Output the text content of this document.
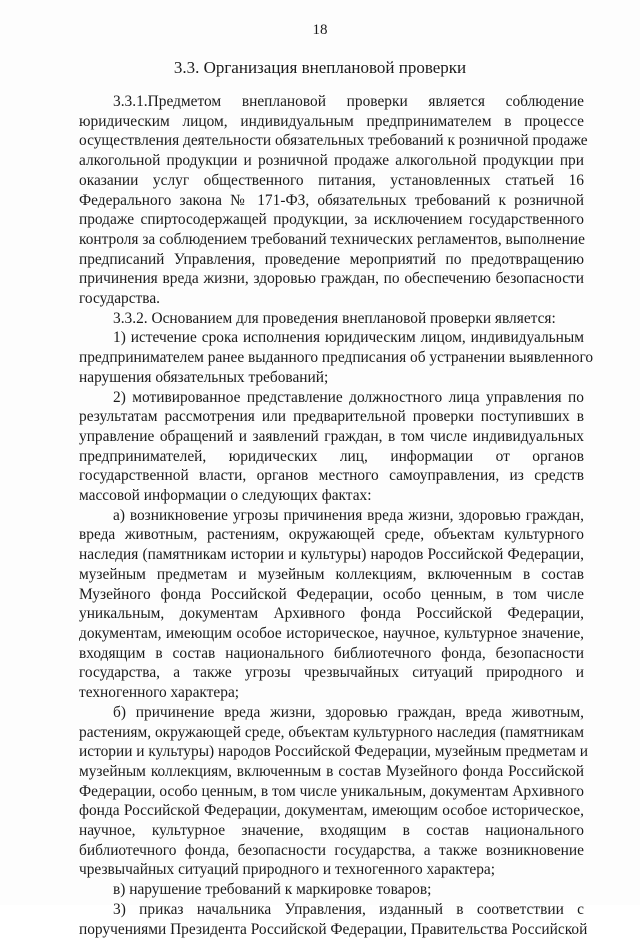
18
3.3. Организация внеплановой проверки
3.3.1.Предметом внеплановой проверки является соблюдение
юридическим лицом, индивидуальным предпринимателем в процессе
осуществления деятельности обязательных требований к розничной продаже
алкогольной продукции и розничной продаже алкогольной продукции при
оказании услуг общественного питания, установленных статьей 16
Федерального закона № 171-ФЗ, обязательных требований к розничной
продаже спиртосодержащей продукции, за исключением государственного
контроля за соблюдением требований технических регламентов, выполнение
предписаний Управления, проведение мероприятий по предотвращению
причинения вреда жизни, здоровью граждан, по обеспечению безопасности
государства.
3.3.2. Основанием для проведения внеплановой проверки является:
1) истечение срока исполнения юридическим лицом, индивидуальным
предпринимателем ранее выданного предписания об устранении выявленного
нарушения обязательных требований;
2) мотивированное представление должностного лица управления по
результатам рассмотрения или предварительной проверки поступивших в
управление обращений и заявлений граждан, в том числе индивидуальных
предпринимателей, юридических лиц, информации от органов
государственной власти, органов местного самоуправления, из средств
массовой информации о следующих фактах:
а) возникновение угрозы причинения вреда жизни, здоровью граждан,
вреда животным, растениям, окружающей среде, объектам культурного
наследия (памятникам истории и культуры) народов Российской Федерации,
музейным предметам и музейным коллекциям, включенным в состав
Музейного фонда Российской Федерации, особо ценным, в том числе
уникальным, документам Архивного фонда Российской Федерации,
документам, имеющим особое историческое, научное, культурное значение,
входящим в состав национального библиотечного фонда, безопасности
государства, а также угрозы чрезвычайных ситуаций природного и
техногенного характера;
б) причинение вреда жизни, здоровью граждан, вреда животным,
растениям, окружающей среде, объектам культурного наследия (памятникам
истории и культуры) народов Российской Федерации, музейным предметам и
музейным коллекциям, включенным в состав Музейного фонда Российской
Федерации, особо ценным, в том числе уникальным, документам Архивного
фонда Российской Федерации, документам, имеющим особое историческое,
научное, культурное значение, входящим в состав национального
библиотечного фонда, безопасности государства, а также возникновение
чрезвычайных ситуаций природного и техногенного характера;
в) нарушение требований к маркировке товаров;
3) приказ начальника Управления, изданный в соответствии с
поручениями Президента Российской Федерации, Правительства Российской
